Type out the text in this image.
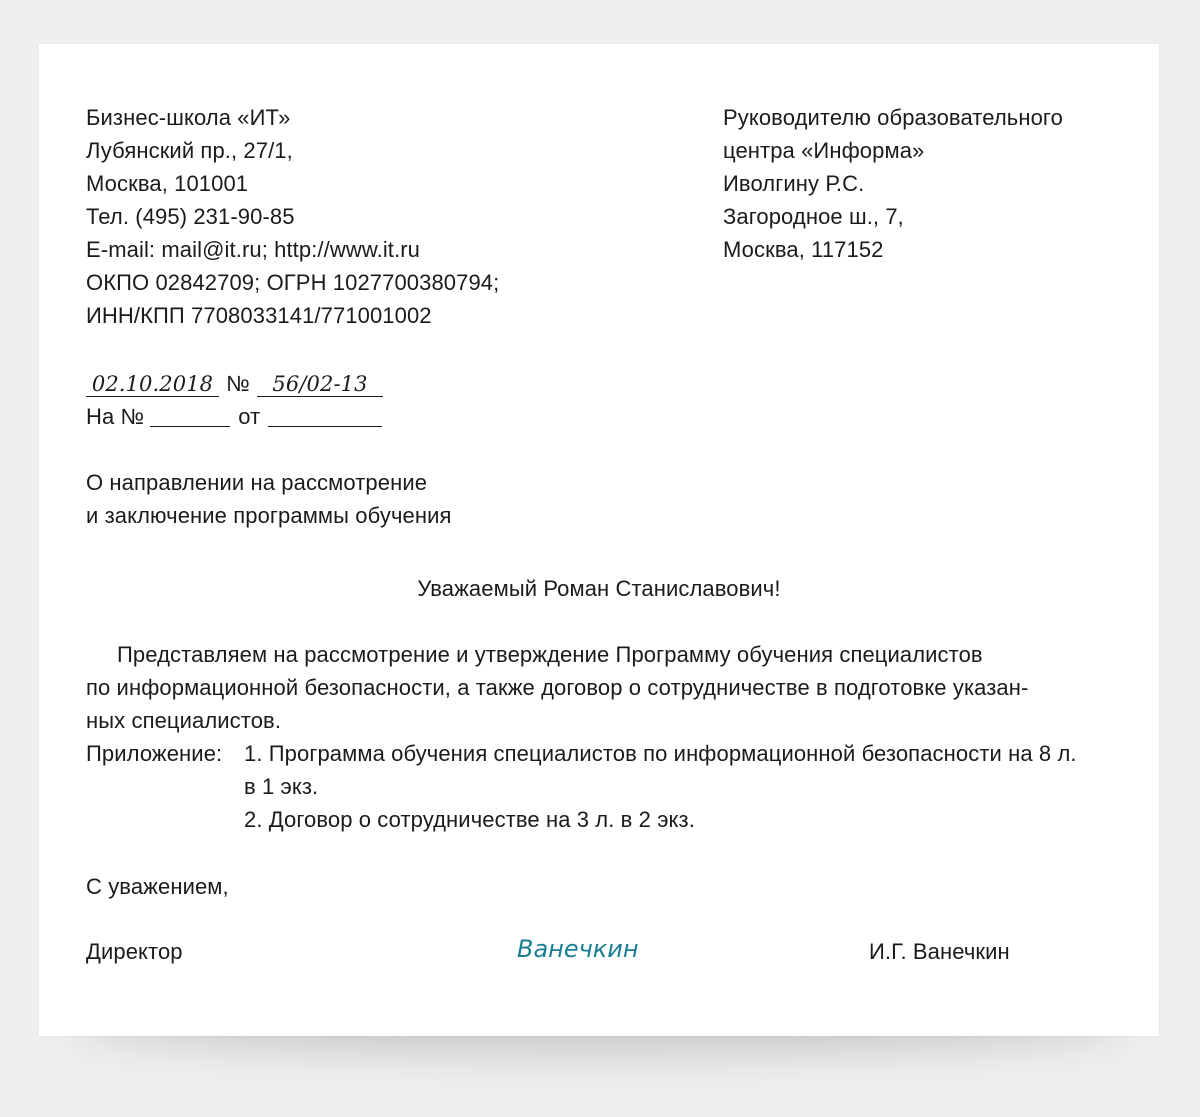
Бизнес-школа «ИТ»
Лубянский пр., 27/1,
Москва, 101001
Тел. (495) 231-90-85
E-mail: mail@it.ru; http://www.it.ru
ОКПО 02842709; ОГРН 1027700380794;
ИНН/КПП 7708033141/771001002
Руководителю образовательного
центра «Информа»
Иволгину Р.С.
Загородное ш., 7,
Москва, 117152
02.10.2018 № 56/02-13
На №	от
О направлении на рассмотрение
и заключение программы обучения
Уважаемый Роман Станиславович!
Представляем на рассмотрение и утверждение Программу обучения специалистов
по информационной безопасности, а также договор о сотрудничестве в подготовке указан-
ных специалистов.
Приложение: 1. Программа обучения специалистов по информационной безопасности на 8 л.
в 1 экз.
2. Договор о сотрудничестве на 3 л. в 2 экз.
С уважением,
Директор	Ванечкин	И.Г. Ванечкин
